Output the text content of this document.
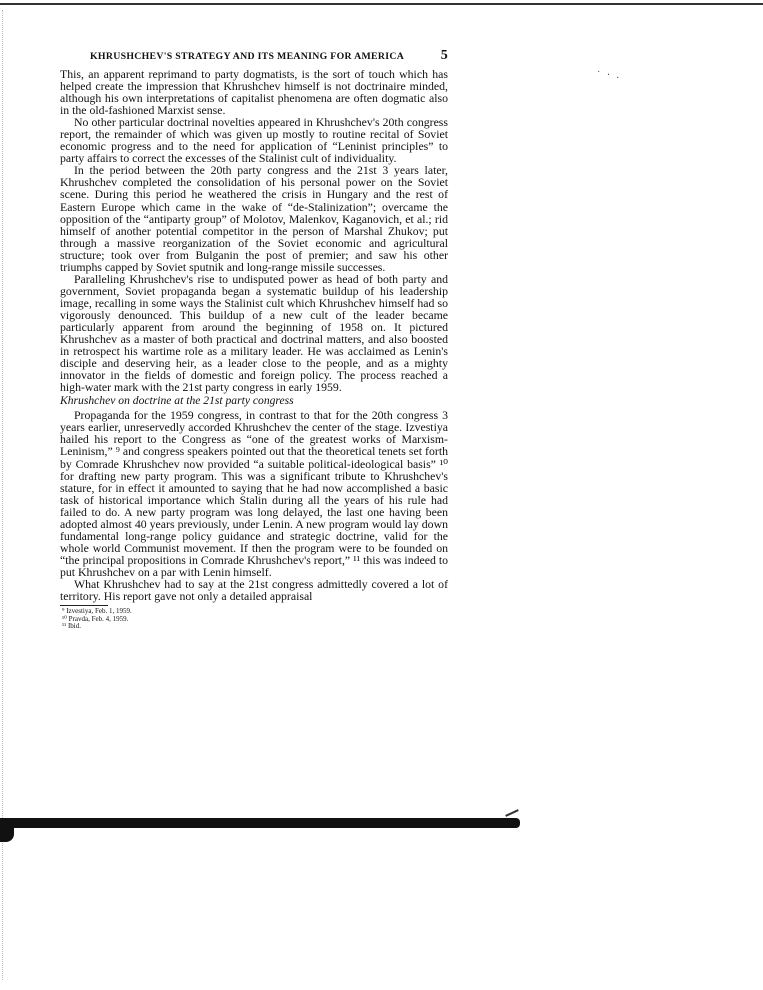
˙ ‧ .
KHRUSHCHEV'S STRATEGY AND ITS MEANING FOR AMERICA	5

This, an apparent reprimand to party dogmatists, is the sort of touch which has helped create the impression that Khrushchev himself is not doctrinaire minded, although his own interpretations of capitalist phenomena are often dogmatic also in the old-fashioned Marxist sense.

No other particular doctrinal novelties appeared in Khrushchev's 20th congress report, the remainder of which was given up mostly to routine recital of Soviet economic progress and to the need for application of “Leninist principles” to party affairs to correct the excesses of the Stalinist cult of individuality.

In the period between the 20th party congress and the 21st 3 years later, Khrushchev completed the consolidation of his personal power on the Soviet scene. During this period he weathered the crisis in Hungary and the rest of Eastern Europe which came in the wake of “de-Stalinization”; overcame the opposition of the “antiparty group” of Molotov, Malenkov, Kaganovich, et al.; rid himself of another potential competitor in the person of Marshal Zhukov; put through a massive reorganization of the Soviet economic and agricultural structure; took over from Bulganin the post of premier; and saw his other triumphs capped by Soviet sputnik and long-range missile successes.

Paralleling Khrushchev's rise to undisputed power as head of both party and government, Soviet propaganda began a systematic buildup of his leadership image, recalling in some ways the Stalinist cult which Khrushchev himself had so vigorously denounced. This buildup of a new cult of the leader became particularly apparent from around the beginning of 1958 on. It pictured Khrushchev as a master of both practical and doctrinal matters, and also boosted in retrospect his wartime role as a military leader. He was acclaimed as Lenin's disciple and deserving heir, as a leader close to the people, and as a mighty innovator in the fields of domestic and foreign policy. The process reached a high-water mark with the 21st party congress in early 1959.

Khrushchev on doctrine at the 21st party congress

Propaganda for the 1959 congress, in contrast to that for the 20th congress 3 years earlier, unreservedly accorded Khrushchev the center of the stage. Izvestiya hailed his report to the Congress as “one of the greatest works of Marxism-Leninism,” ⁹ and congress speakers pointed out that the theoretical tenets set forth by Comrade Khrushchev now provided “a suitable political-ideological basis” ¹⁰ for drafting new party program. This was a significant tribute to Khrushchev's stature, for in effect it amounted to saying that he had now accomplished a basic task of historical importance which Stalin during all the years of his rule had failed to do. A new party program was long delayed, the last one having been adopted almost 40 years previously, under Lenin. A new program would lay down fundamental long-range policy guidance and strategic doctrine, valid for the whole world Communist movement. If then the program were to be founded on “the principal propositions in Comrade Khrushchev's report,” ¹¹ this was indeed to put Khrushchev on a par with Lenin himself.

What Khrushchev had to say at the 21st congress admittedly covered a lot of territory. His report gave not only a detailed appraisal

⁹ Izvestiya, Feb. 1, 1959.
¹⁰ Pravda, Feb. 4, 1959.
¹¹ Ibid.
